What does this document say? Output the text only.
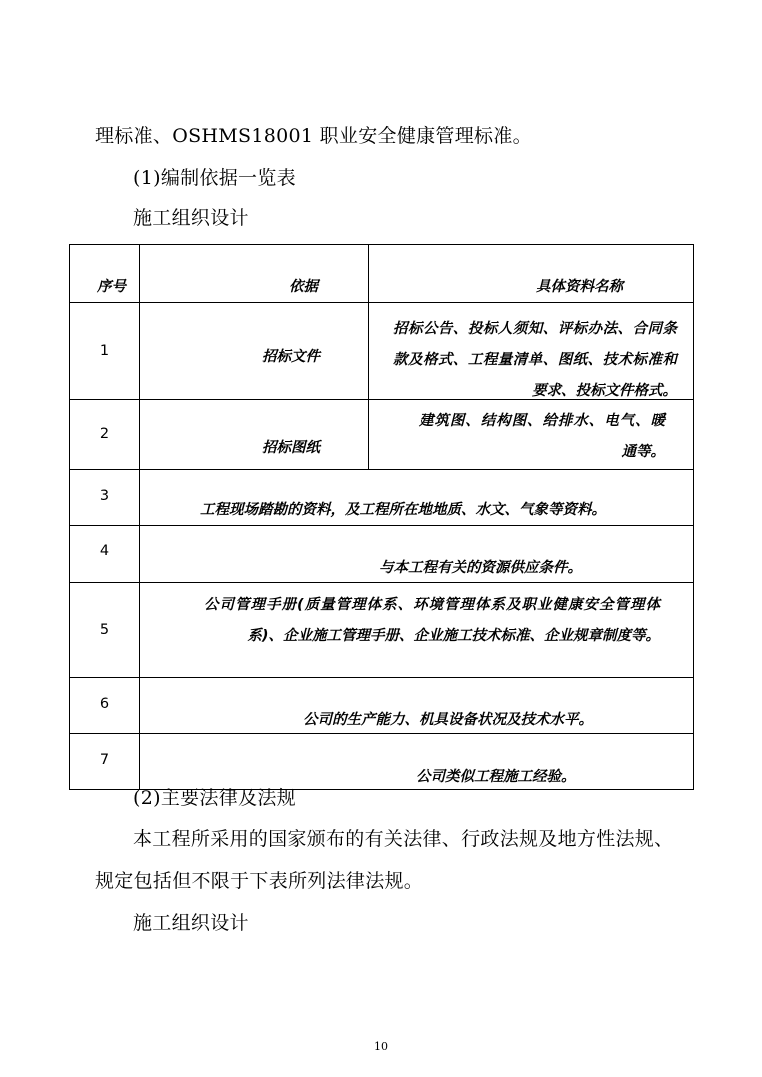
理标准、OSHMS18001 职业安全健康管理标准。
(1)编制依据一览表
施工组织设计
序号	依据	具体资料名称

1	招标文件	招标公告、投标人须知、评标办法、合同条款及格式、工程量清单、图纸、技术标准和要求、投标文件格式。

2	招标图纸	建筑图、结构图、给排水、电气、暖通等。

3	工程现场踏勘的资料，及工程所在地地质、水文、气象等资料。	

4	与本工程有关的资源供应条件。	

5	公司管理手册(质量管理体系、环境管理体系及职业健康安全管理体系)、企业施工管理手册、企业施工技术标准、企业规章制度等。	

6	公司的生产能力、机具设备状况及技术水平。	

7	公司类似工程施工经验。	
(2)主要法律及法规
本工程所采用的国家颁布的有关法律、行政法规及地方性法规、
规定包括但不限于下表所列法律法规。
施工组织设计
10
